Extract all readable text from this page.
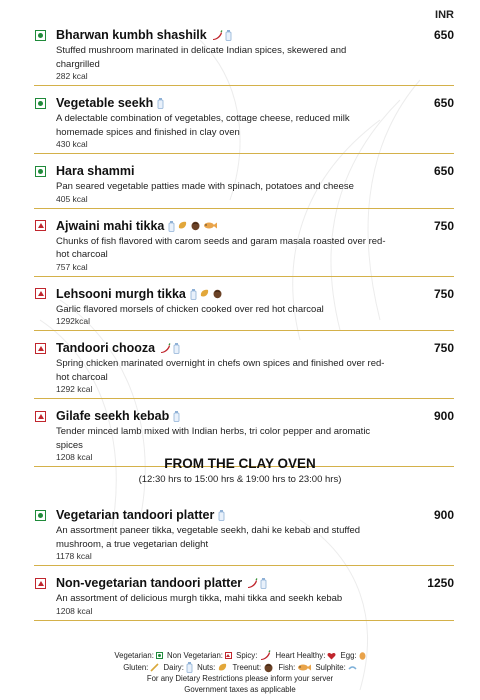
INR
Bharwan kumbh shashilk	650
Stuffed mushroom marinated in delicate Indian spices, skewered and chargrilled
282 kcal
Vegetable seekh	650
A delectable combination of vegetables, cottage cheese, reduced milk homemade spices and finished in clay oven
430 kcal
Hara shammi	650
Pan seared vegetable patties made with spinach, potatoes and cheese
405 kcal
Ajwaini mahi tikka	750
Chunks of fish flavored with carom seeds and garam masala roasted over red-hot charcoal
757 kcal
Lehsooni murgh tikka	750
Garlic flavored morsels of chicken cooked over red hot charcoal
1292kcal
Tandoori chooza	750
Spring chicken marinated overnight in chefs own spices and finished over red-hot charcoal
1292 kcal
Gilafe seekh kebab	900
Tender minced lamb mixed with Indian herbs, tri color pepper and aromatic spices
1208 kcal	FROM THE CLAY OVEN
(12:30 hrs to 15:00 hrs & 19:00 hrs to 23:00 hrs)
Vegetarian tandoori platter	900
An assortment paneer tikka, vegetable seekh, dahi ke kebab and stuffed mushroom, a true vegetarian delight
1178 kcal
Non-vegetarian tandoori platter	1250
An assortment of delicious murgh tikka, mahi tikka and seekh kebab
1208 kcal
Vegetarian:
Non Vegetarian:
Spicy:
Heart Healthy:
Egg:
Gluten:
Dairy:
Nuts:
Treenut:
Fish:
	Sulphite:
For any Dietary Restrictions please inform your server
Government taxes as applicable
